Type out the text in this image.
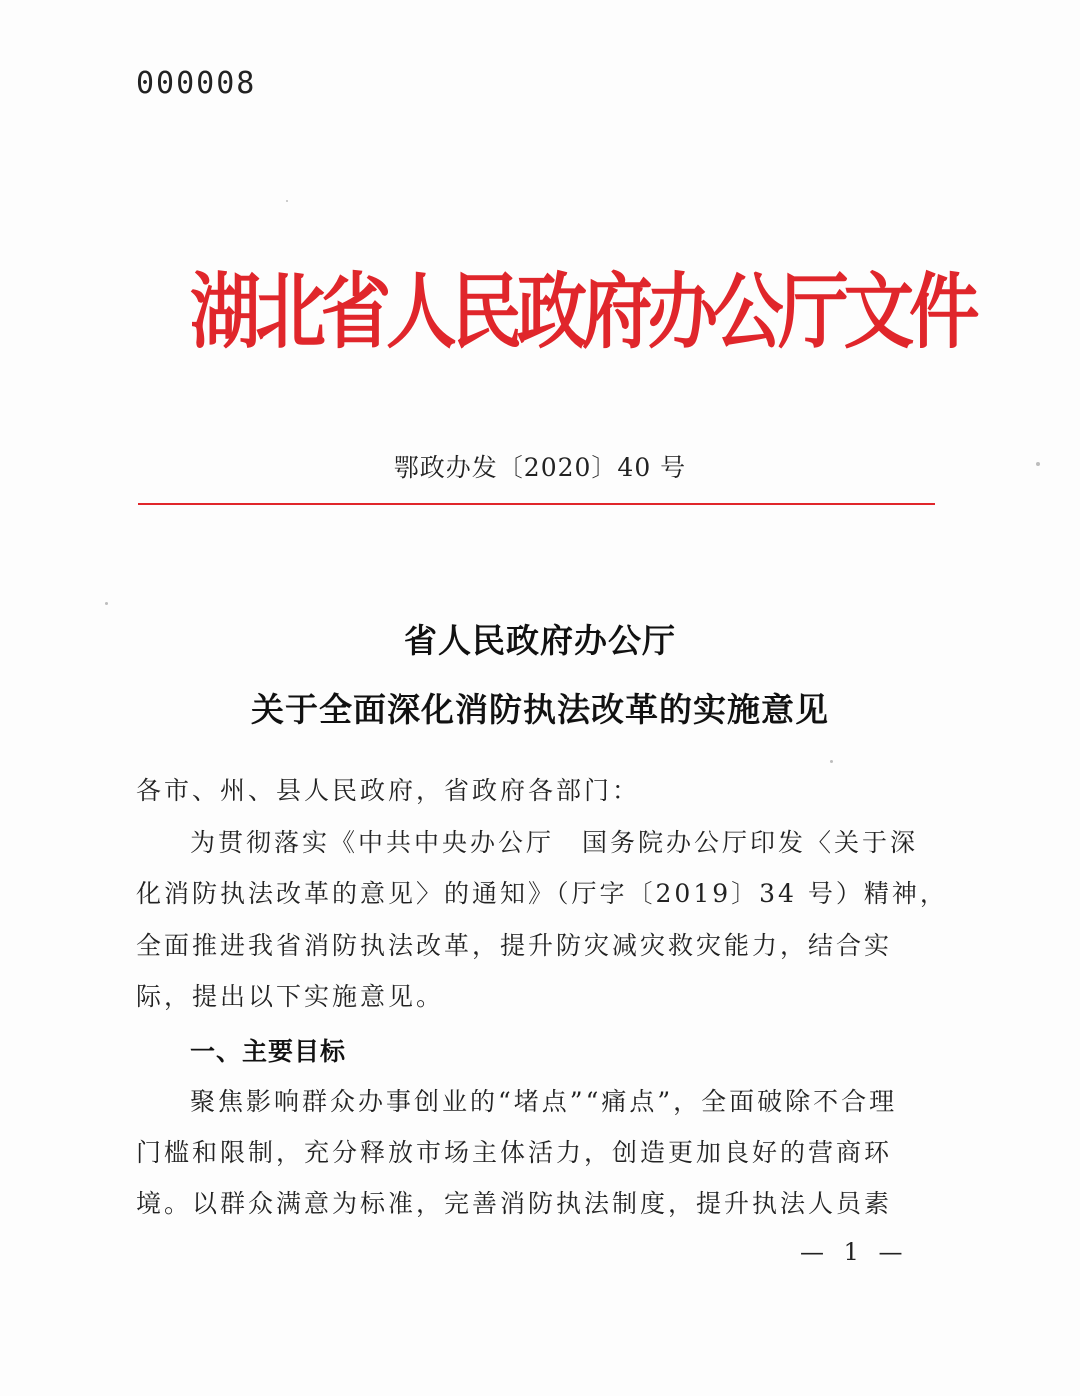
000008
湖北省人民政府办公厅文件
鄂政办发〔2020〕40 号
省人民政府办公厅
关于全面深化消防执法改革的实施意见
各市、州、县人民政府，省政府各部门：
为贯彻落实《中共中央办公厅　国务院办公厅印发〈关于深
化消防执法改革的意见〉的通知》（厅字〔2019〕34 号）精神，
全面推进我省消防执法改革，提升防灾减灾救灾能力，结合实
际，提出以下实施意见。
一、主要目标
聚焦影响群众办事创业的“堵点”“痛点”，全面破除不合理
门槛和限制，充分释放市场主体活力，创造更加良好的营商环
境。以群众满意为标准，完善消防执法制度，提升执法人员素
— 1 —
